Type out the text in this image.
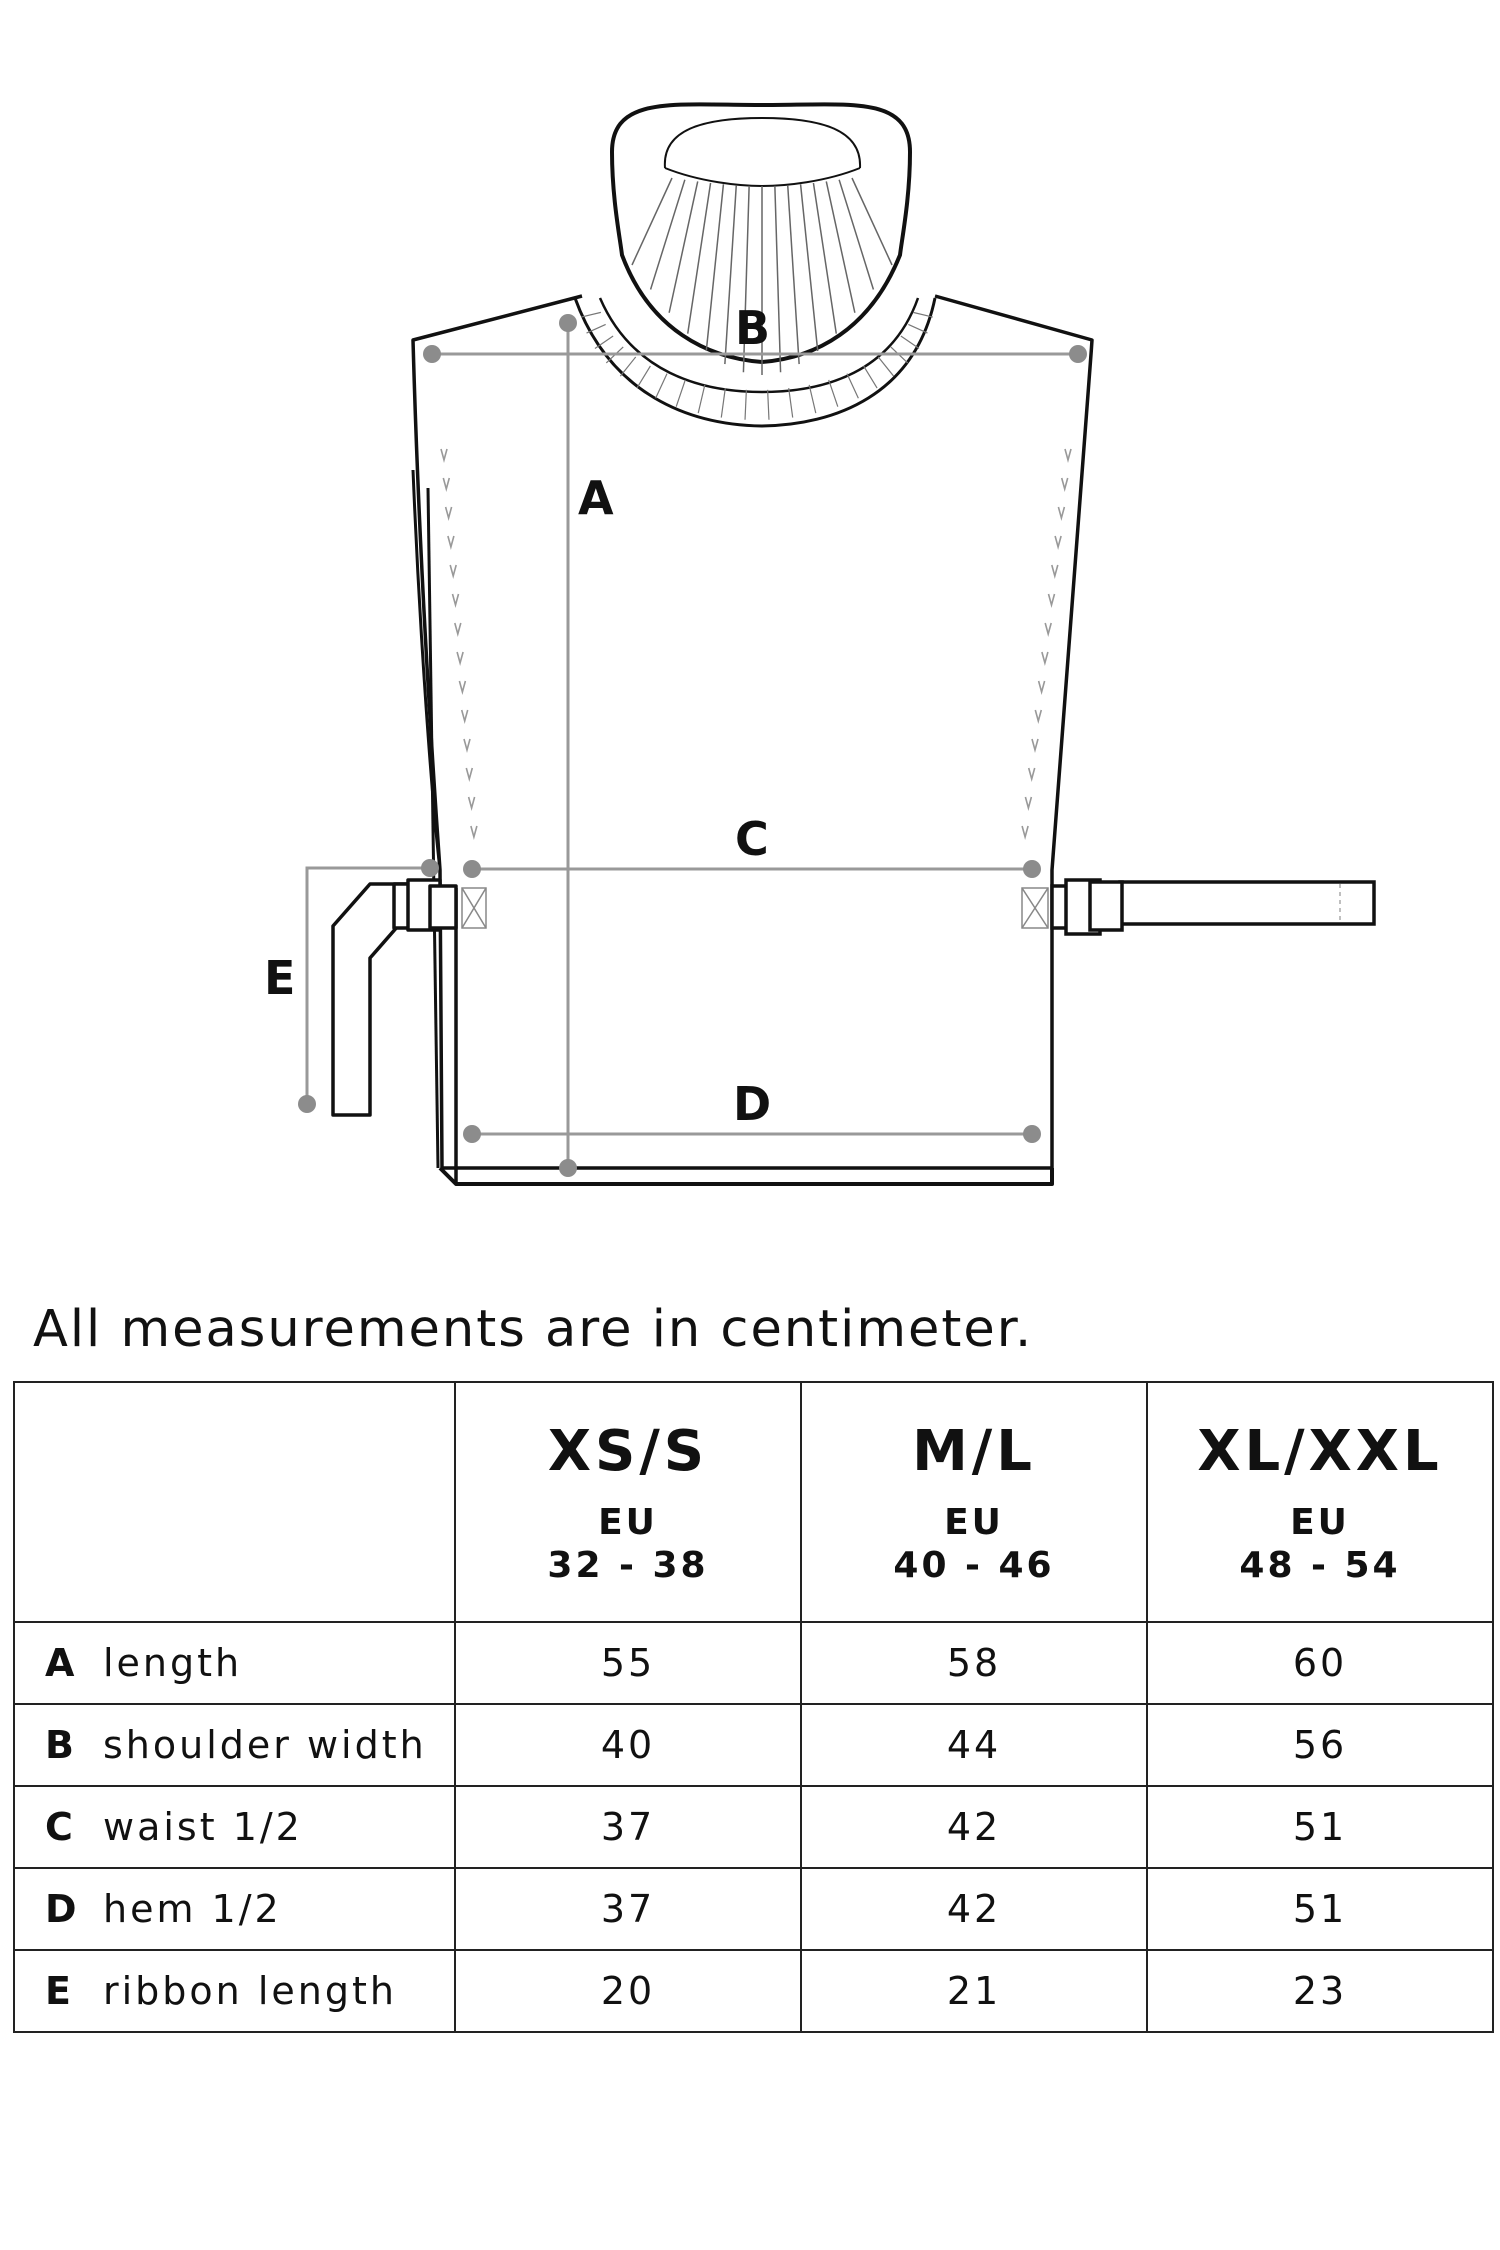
A
B
C
D
E
All measurements are in centimeter.

	XS/S
EU
32 - 38	M/L
EU
40 - 46	XL/XXL
EU
48 - 54

A length	55	58	60
B shoulder width	40	44	56
C waist 1/2	37	42	51
D hem 1/2	37	42	51
E ribbon length	20	21	23
